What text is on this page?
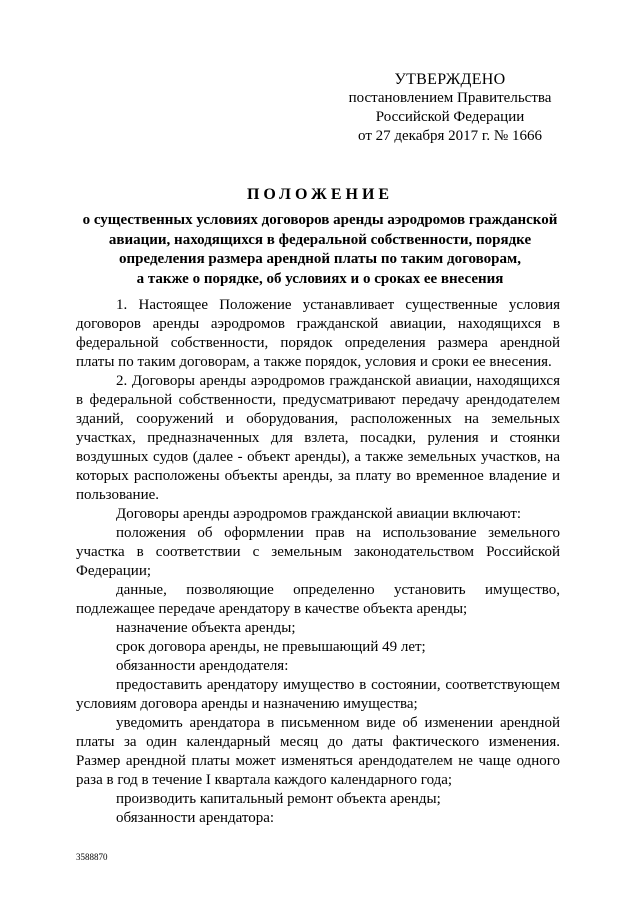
УТВЕРЖДЕНО
постановлением Правительства
Российской Федерации
от 27 декабря 2017 г. № 1666
ПОЛОЖЕНИЕ
о существенных условиях договоров аренды аэродромов гражданской
авиации, находящихся в федеральной собственности, порядке
определения размера арендной платы по таким договорам,
а также о порядке, об условиях и о сроках ее внесения

1. Настоящее Положение устанавливает существенные условия договоров аренды аэродромов гражданской авиации, находящихся в федеральной собственности, порядок определения размера арендной платы по таким договорам, а также порядок, условия и сроки ее внесения.

2. Договоры аренды аэродромов гражданской авиации, находящихся в федеральной собственности, предусматривают передачу арендодателем зданий, сооружений и оборудования, расположенных на земельных участках, предназначенных для взлета, посадки, руления и стоянки воздушных судов (далее - объект аренды), а также земельных участков, на которых расположены объекты аренды, за плату во временное владение и пользование.

Договоры аренды аэродромов гражданской авиации включают:

положения об оформлении прав на использование земельного участка в соответствии с земельным законодательством Российской Федерации;

данные, позволяющие определенно установить имущество, подлежащее передаче арендатору в качестве объекта аренды;

назначение объекта аренды;

срок договора аренды, не превышающий 49 лет;

обязанности арендодателя:

предоставить арендатору имущество в состоянии, соответствующем условиям договора аренды и назначению имущества;

уведомить арендатора в письменном виде об изменении арендной платы за один календарный месяц до даты фактического изменения. Размер арендной платы может изменяться арендодателем не чаще одного раза в год в течение I квартала каждого календарного года;

производить капитальный ремонт объекта аренды;

обязанности арендатора:

3588870
